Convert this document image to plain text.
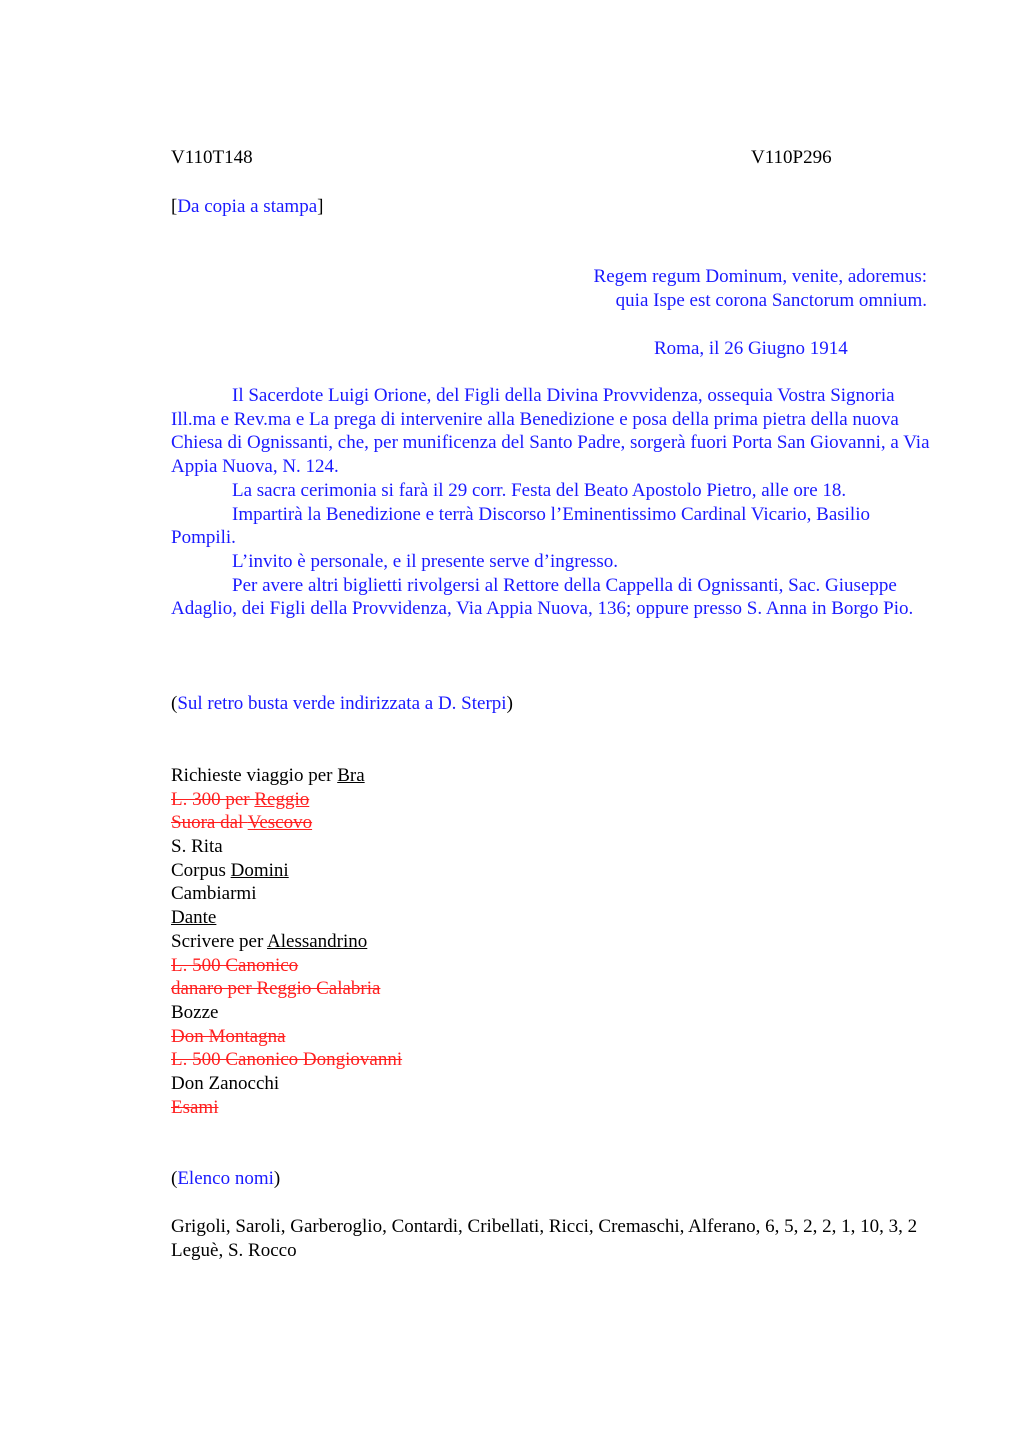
V110T148	V110P296
[Da copia a stampa]
Regem regum Dominum, venite, adoremus:
quia Ispe est corona Sanctorum omnium.
Roma, il 26 Giugno 1914

Il Sacerdote Luigi Orione, del Figli della Divina Provvidenza, ossequia Vostra Signoria Ill.ma e Rev.ma e La prega di intervenire alla Benedizione e posa della prima pietra della nuova Chiesa di Ognissanti, che, per munificenza del Santo Padre, sorgerà fuori Porta San Giovanni, a Via Appia Nuova, N. 124.

La sacra cerimonia si farà il 29 corr. Festa del Beato Apostolo Pietro, alle ore 18.

Impartirà la Benedizione e terrà Discorso l’Eminentissimo Cardinal Vicario, Basilio Pompili.

L’invito è personale, e il presente serve d’ingresso.

Per avere altri biglietti rivolgersi al Rettore della Cappella di Ognissanti, Sac. Giuseppe Adaglio, dei Figli della Provvidenza, Via Appia Nuova, 136; oppure presso S. Anna in Borgo Pio.

(Sul retro busta verde indirizzata a D. Sterpi)
Richieste viaggio per Bra
L. 300 per Reggio
Suora dal Vescovo
S. Rita
Corpus Domini
Cambiarmi
Dante
Scrivere per Alessandrino
L. 500 Canonico
danaro per Reggio Calabria
Bozze
Don Montagna
L. 500 Canonico Dongiovanni
Don Zanocchi
Esami
(Elenco nomi)
Grigoli, Saroli, Garberoglio, Contardi, Cribellati, Ricci, Cremaschi, Alferano, 6, 5, 2, 2, 1, 10, 3, 2
Leguè, S. Rocco
